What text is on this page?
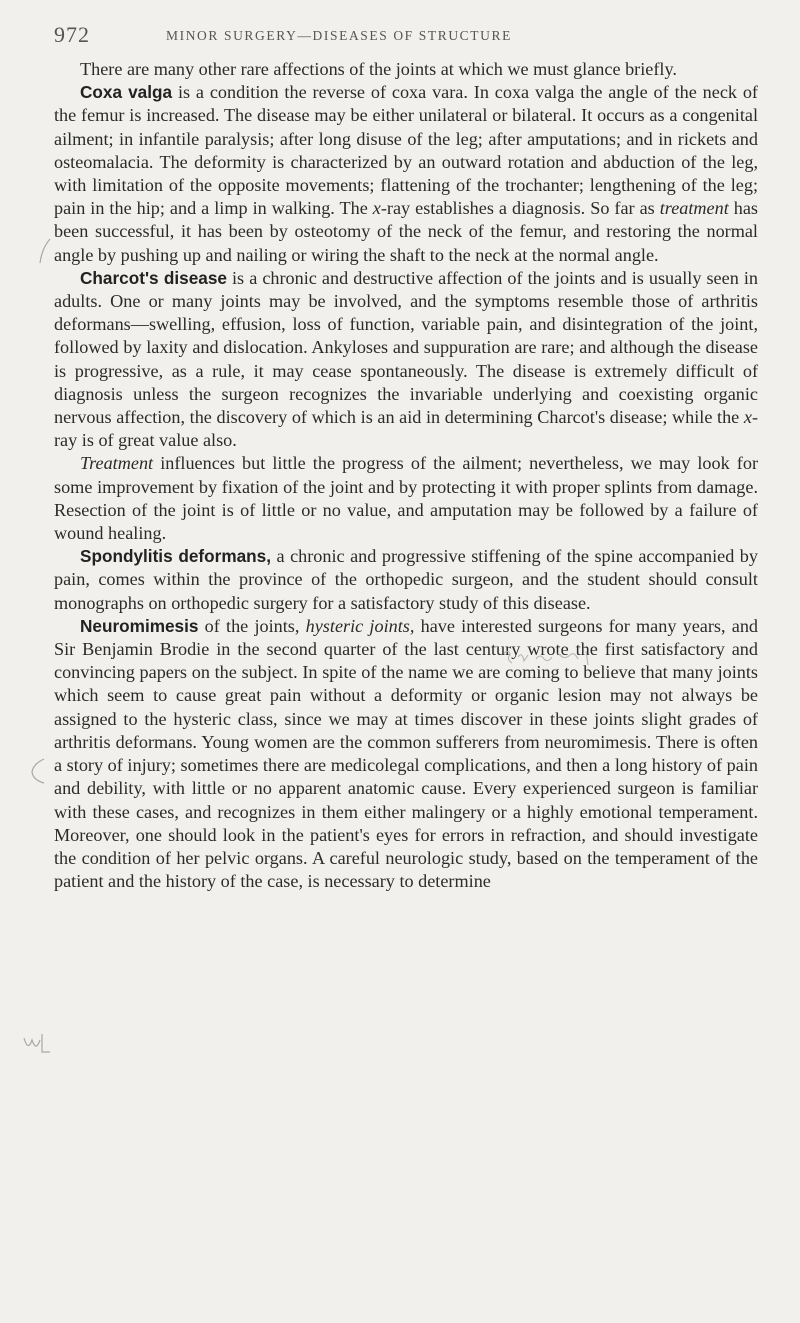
972	MINOR SURGERY—DISEASES OF STRUCTURE

There are many other rare affections of the joints at which we must glance briefly.

Coxa valga is a condition the reverse of coxa vara. In coxa valga the angle of the neck of the femur is increased. The disease may be either unilateral or bilateral. It occurs as a congenital ailment; in infantile paralysis; after long disuse of the leg; after amputations; and in rickets and osteomalacia. The deformity is characterized by an outward rotation and abduction of the leg, with limitation of the opposite movements; flattening of the trochanter; lengthening of the leg; pain in the hip; and a limp in walking. The x-ray establishes a diagnosis. So far as treatment has been successful, it has been by osteotomy of the neck of the femur, and restoring the normal angle by pushing up and nailing or wiring the shaft to the neck at the normal angle.

Charcot's disease is a chronic and destructive affection of the joints and is usually seen in adults. One or many joints may be involved, and the symptoms resemble those of arthritis deformans—swelling, effusion, loss of function, variable pain, and disintegration of the joint, followed by laxity and dislocation. Ankyloses and suppuration are rare; and although the disease is progressive, as a rule, it may cease spontaneously. The disease is extremely difficult of diagnosis unless the surgeon recognizes the invariable underlying and coexisting organic nervous affection, the discovery of which is an aid in determining Charcot's disease; while the x-ray is of great value also.

Treatment influences but little the progress of the ailment; nevertheless, we may look for some improvement by fixation of the joint and by protecting it with proper splints from damage. Resection of the joint is of little or no value, and amputation may be followed by a failure of wound healing.

Spondylitis deformans, a chronic and progressive stiffening of the spine accompanied by pain, comes within the province of the orthopedic surgeon, and the student should consult monographs on orthopedic surgery for a satisfactory study of this disease.

Neuromimesis of the joints, hysteric joints, have interested surgeons for many years, and Sir Benjamin Brodie in the second quarter of the last century wrote the first satisfactory and convincing papers on the subject. In spite of the name we are coming to believe that many joints which seem to cause great pain without a deformity or organic lesion may not always be assigned to the hysteric class, since we may at times discover in these joints slight grades of arthritis deformans. Young women are the common sufferers from neuromimesis. There is often a story of injury; sometimes there are medicolegal complications, and then a long history of pain and debility, with little or no apparent anatomic cause. Every experienced surgeon is familiar with these cases, and recognizes in them either malingery or a highly emotional temperament. Moreover, one should look in the patient's eyes for errors in refraction, and should investigate the condition of her pelvic organs. A careful neurologic study, based on the temperament of the patient and the history of the case, is necessary to determine
